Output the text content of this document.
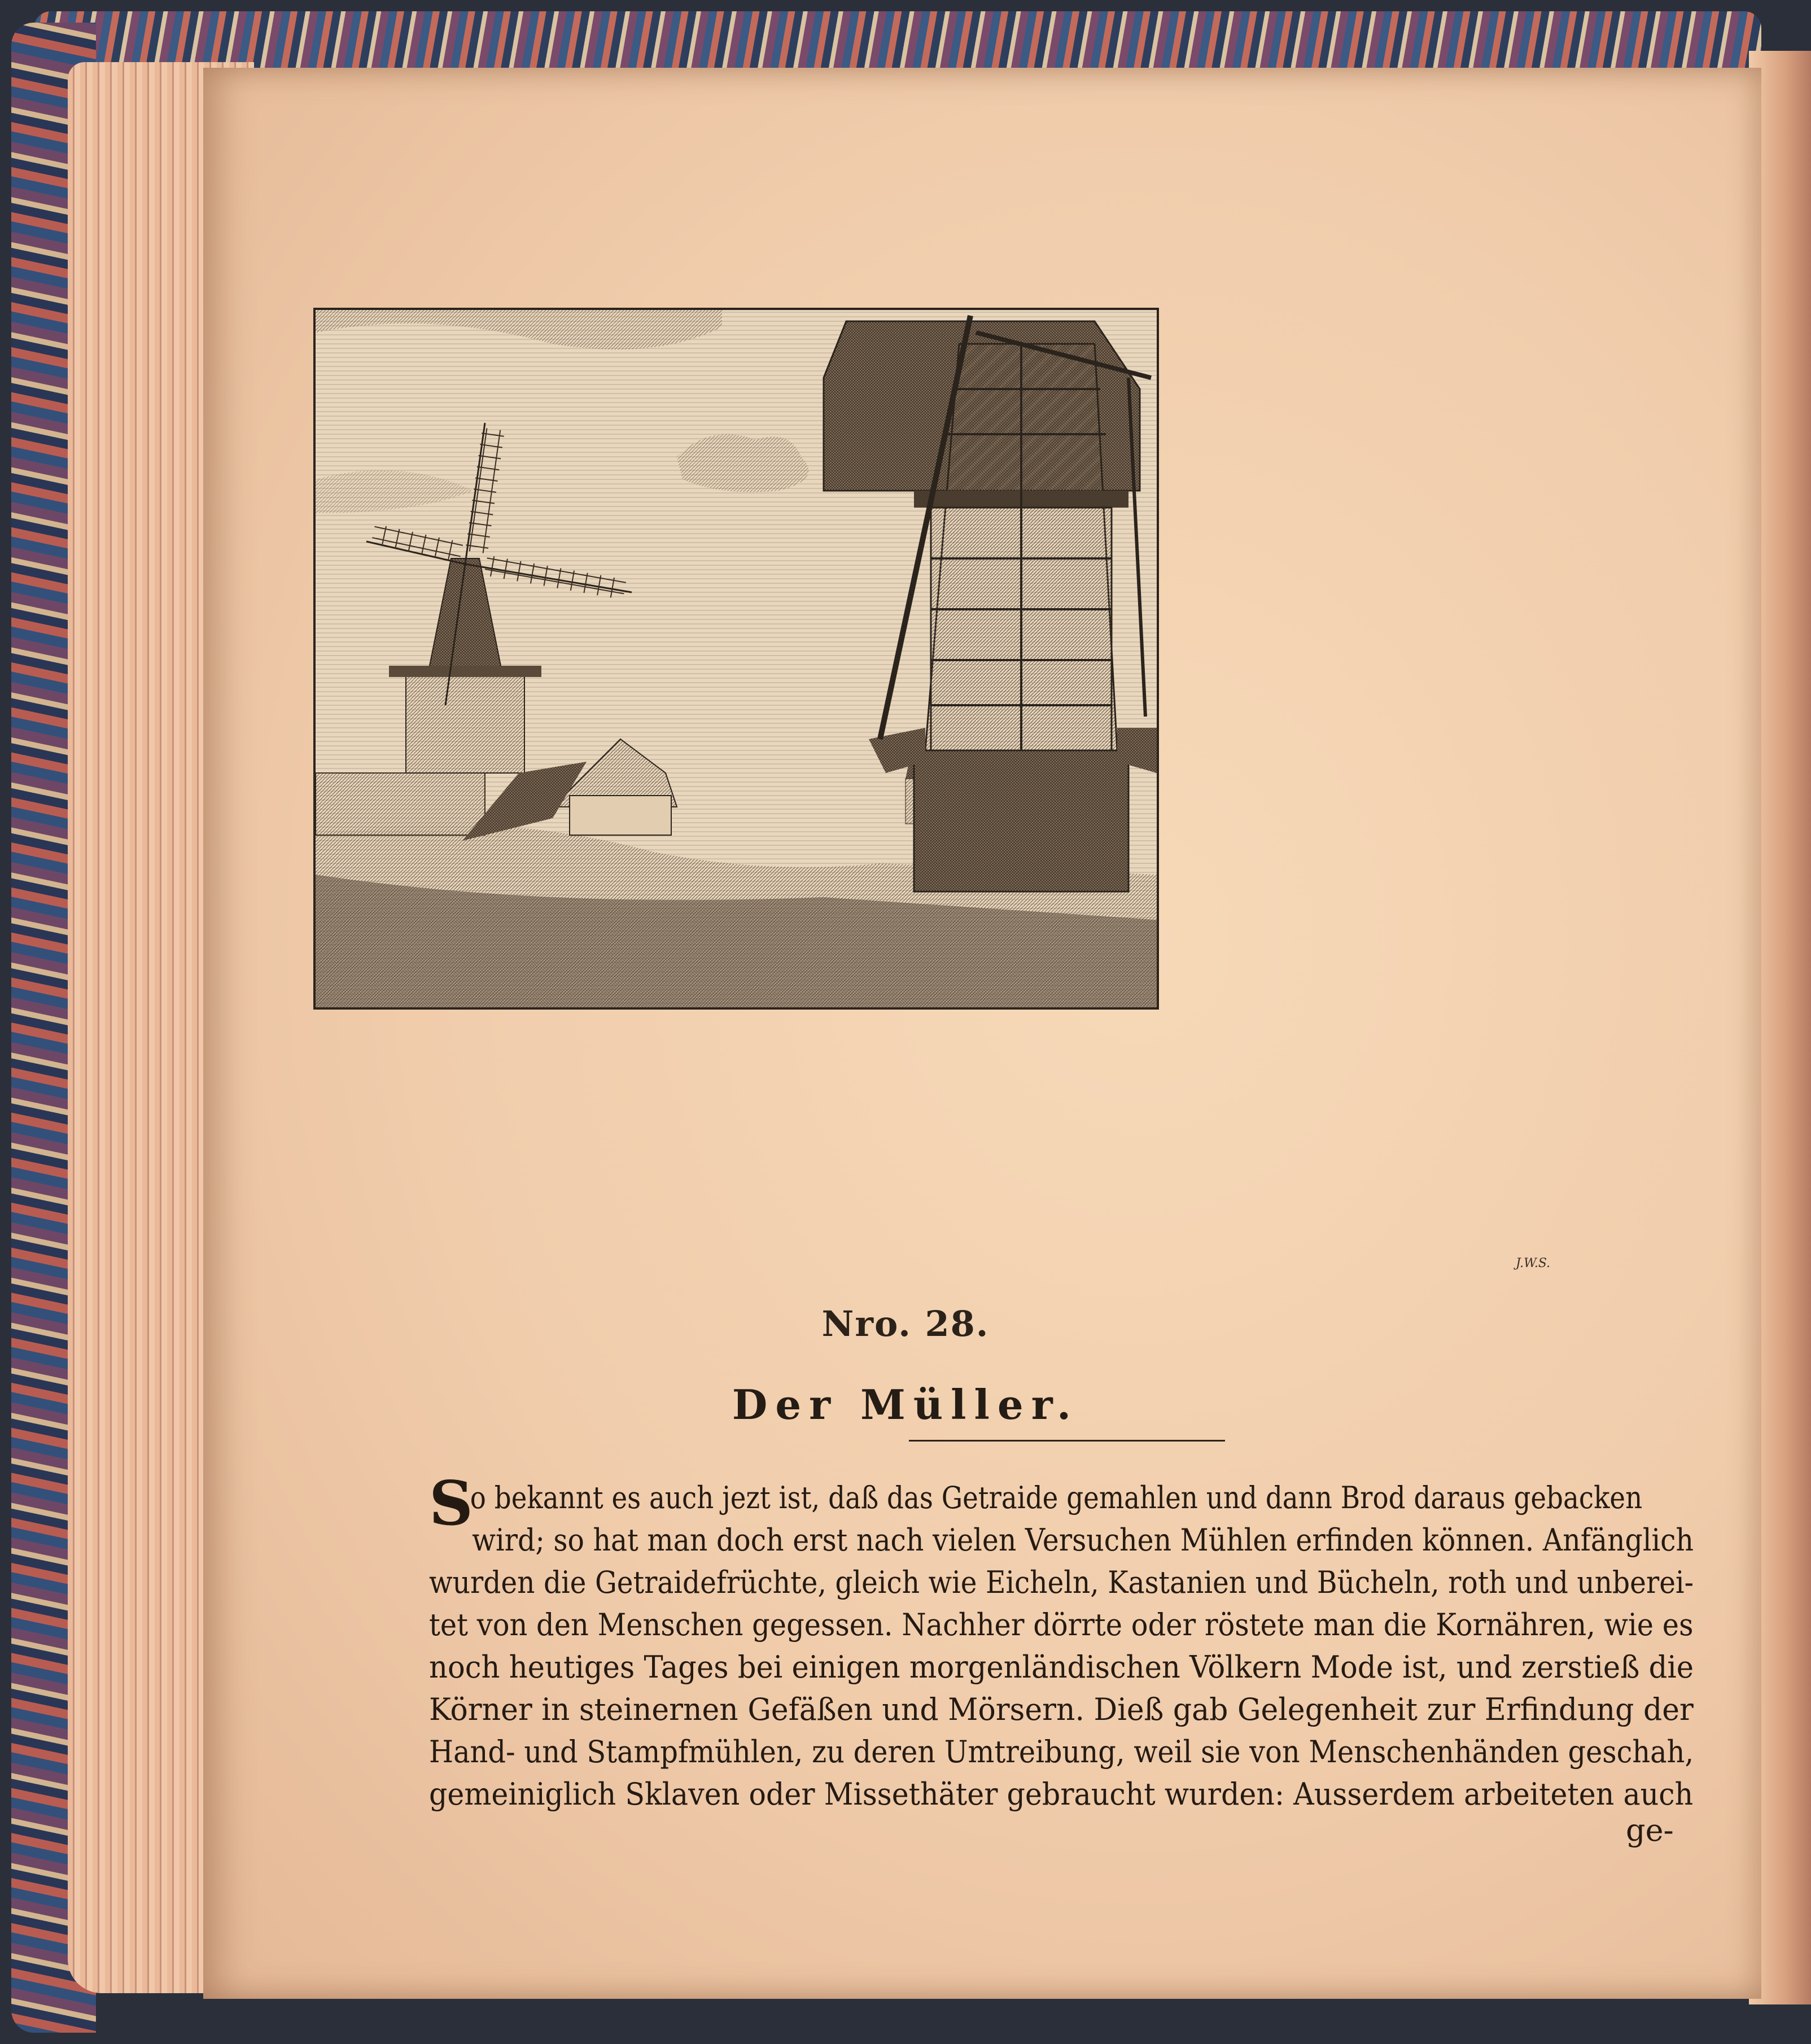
J.W.S.
Nro. 28.
Der Müller.
S
o bekannt es auch jezt ist, daß das Getraide gemahlen und dann Brod daraus gebacken
wird; so hat man doch erst nach vielen Versuchen Mühlen erfinden können. Anfänglich
wurden die Getraidefrüchte, gleich wie Eicheln, Kastanien und Bücheln, roth und unberei-
tet von den Menschen gegessen. Nachher dörrte oder röstete man die Kornähren, wie es
noch heutiges Tages bei einigen morgenländischen Völkern Mode ist, und zerstieß die
Körner in steinernen Gefäßen und Mörsern. Dieß gab Gelegenheit zur Erfindung der
Hand- und Stampfmühlen, zu deren Umtreibung, weil sie von Menschenhänden geschah,
gemeiniglich Sklaven oder Missethäter gebraucht wurden: Ausserdem arbeiteten auch
ge-
